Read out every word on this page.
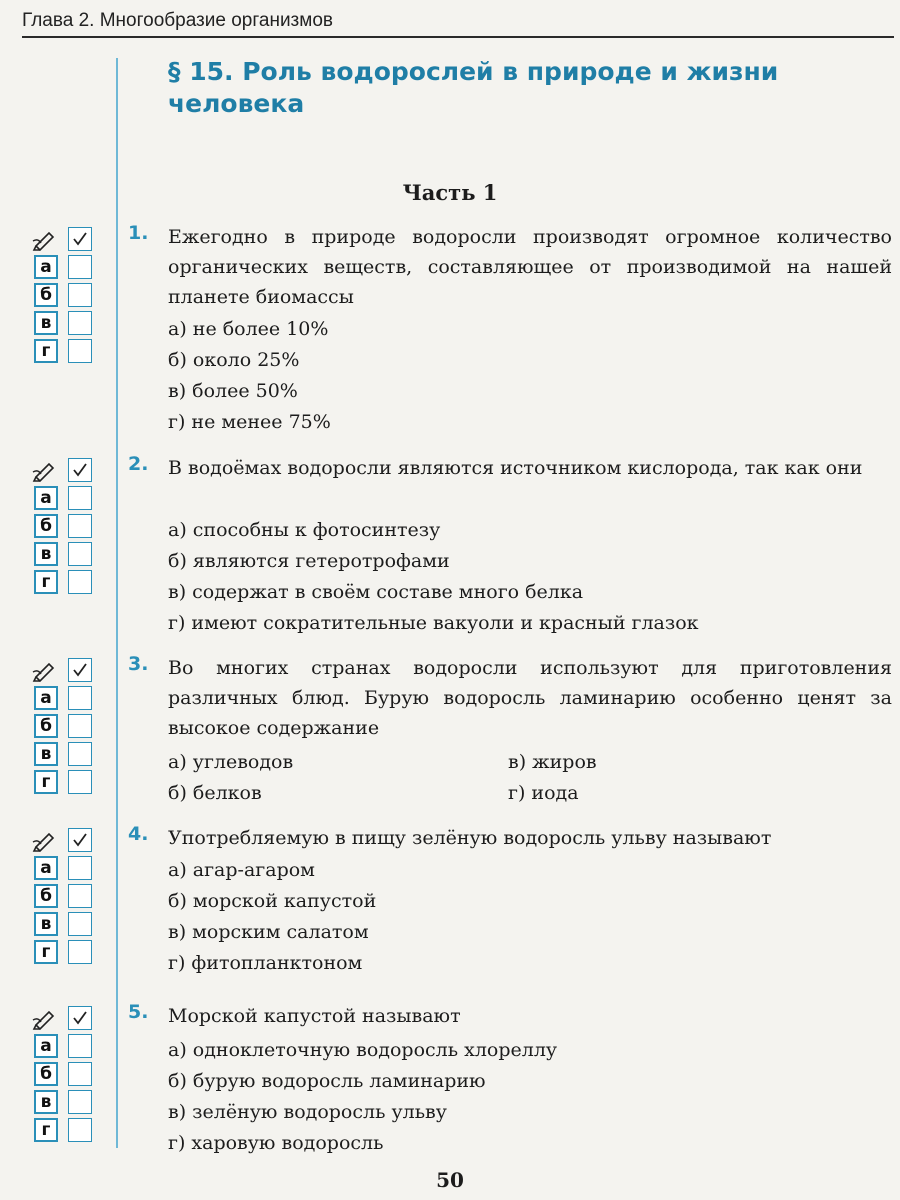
Глава 2. Многообразие организмов
§ 15. Роль водорослей в природе и жизни человека
Часть 1
а
б
в
г
1. Ежегодно в природе водоросли производят огромное количество органических веществ, составляющее от производимой на нашей планете биомассы
а) не более 10%
б) около 25%
в) более 50%
г) не менее 75%
а
б
в
г
2. В водоёмах водоросли являются источником кислорода, так как они
а) способны к фотосинтезу
б) являются гетеротрофами
в) содержат в своём составе много белка
г) имеют сократительные вакуоли и красный глазок
а
б
в
г
3. Во многих странах водоросли используют для приготовления различных блюд. Бурую водоросль ламинарию особенно ценят за высокое содержание
а) углеводов	в) жиров
б) белков	г) иода
а
б
в
г
4. Употребляемую в пищу зелёную водоросль ульву называют
а) агар-агаром
б) морской капустой
в) морским салатом
г) фитопланктоном
а
б
в
г
5. Морской капустой называют
а) одноклеточную водоросль хлореллу
б) бурую водоросль ламинарию
в) зелёную водоросль ульву
г) харовую водоросль
50
